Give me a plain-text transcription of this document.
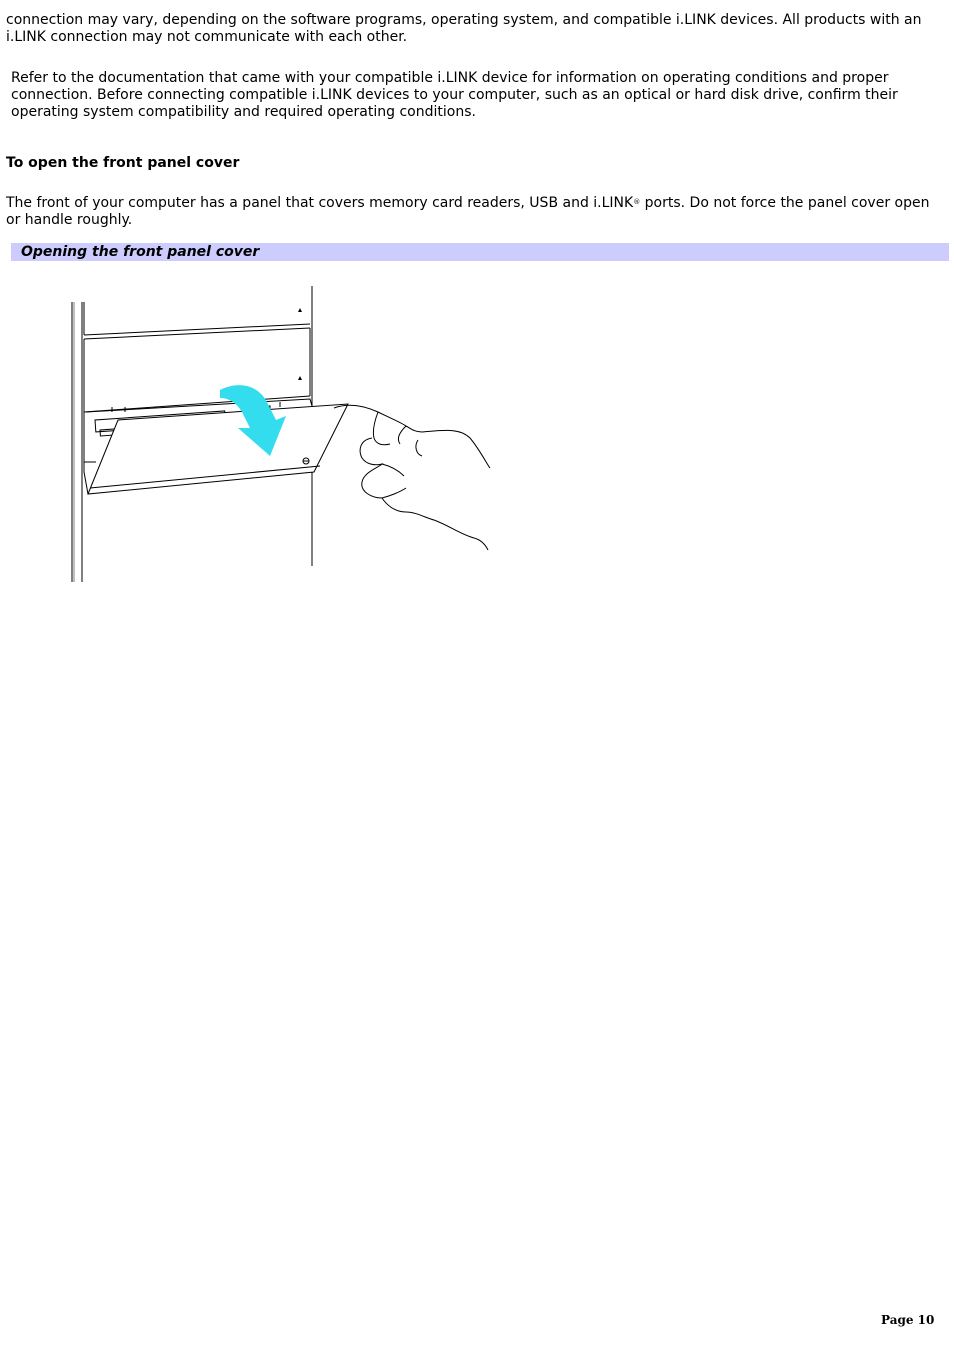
connection may vary, depending on the software programs, operating system, and compatible i.LINK devices. All products with an i.LINK connection may not communicate with each other.

Refer to the documentation that came with your compatible i.LINK device for information on operating conditions and proper connection. Before connecting compatible i.LINK devices to your computer, such as an optical or hard disk drive, confirm their operating system compatibility and required operating conditions.

To open the front panel cover

The front of your computer has a panel that covers memory card readers, USB and i.LINK® ports. Do not force the panel cover open or handle roughly.

Opening the front panel cover
Page 10
